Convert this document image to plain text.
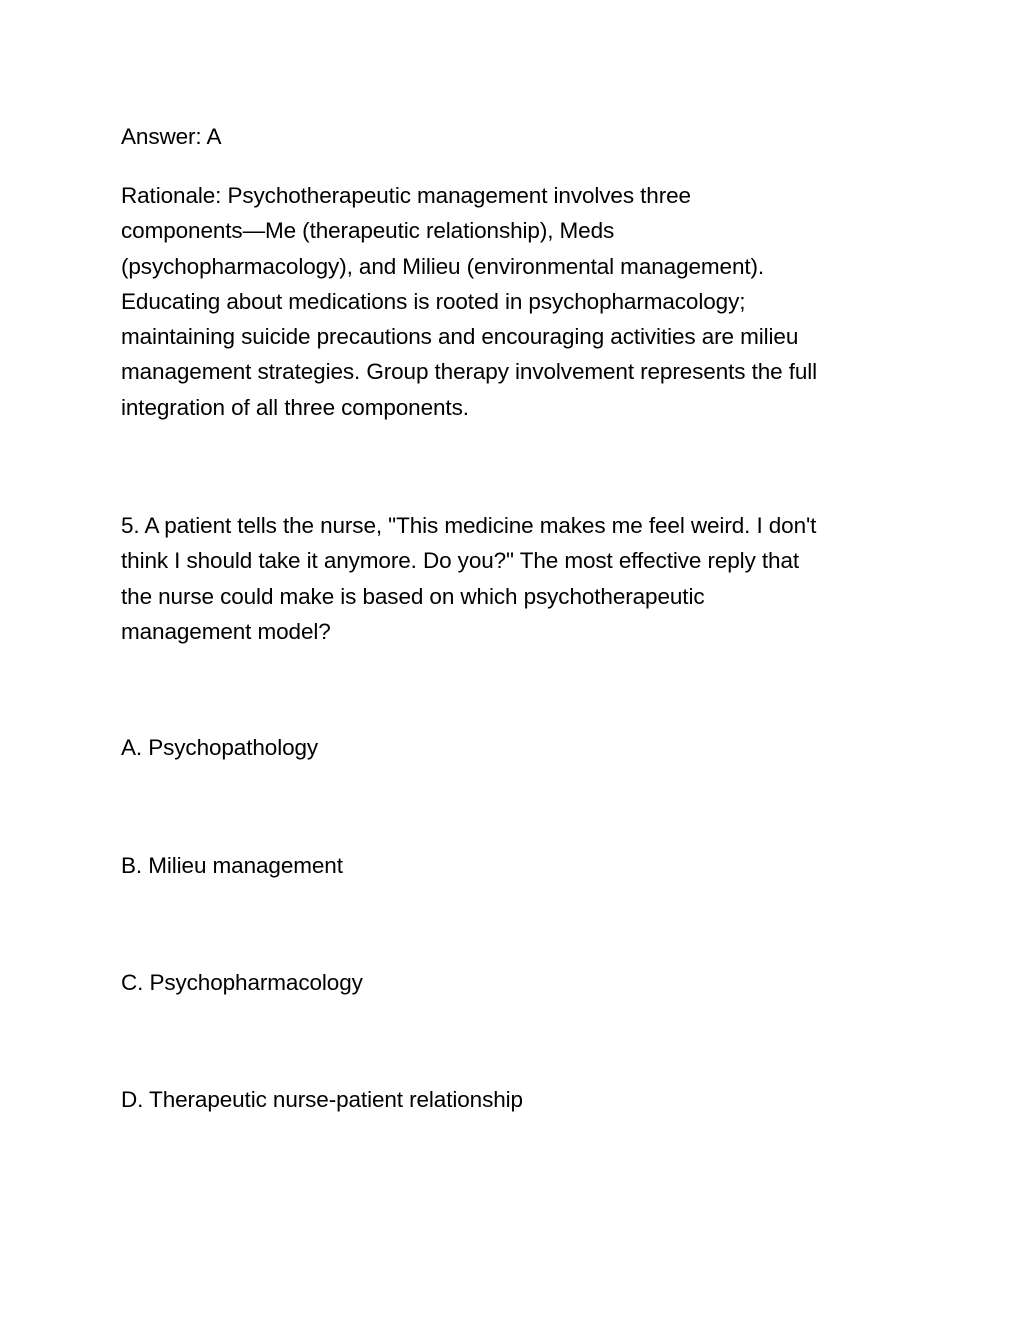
Answer: A

Rationale: Psychotherapeutic management involves three
components—Me (therapeutic relationship), Meds
(psychopharmacology), and Milieu (environmental management).
Educating about medications is rooted in psychopharmacology;
maintaining suicide precautions and encouraging activities are milieu
management strategies. Group therapy involvement represents the full
integration of all three components.

5. A patient tells the nurse, "This medicine makes me feel weird. I don't
think I should take it anymore. Do you?" The most effective reply that
the nurse could make is based on which psychotherapeutic
management model?

A. Psychopathology

B. Milieu management

C. Psychopharmacology

D. Therapeutic nurse-patient relationship
